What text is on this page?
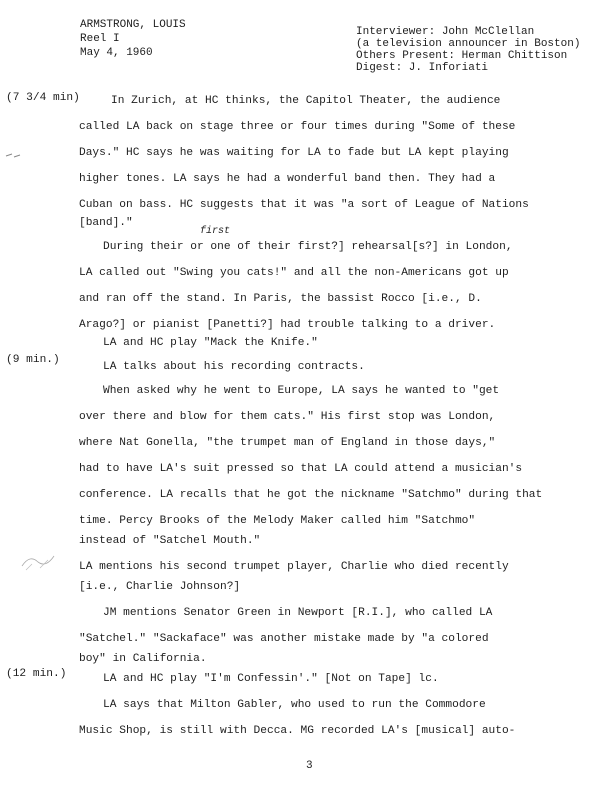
ARMSTRONG, LOUIS
Reel I
May 4, 1960
Interviewer: John McClellan
(a television announcer in Boston)
Others Present: Herman Chittison
Digest: J. Inforiati
(7 3/4 min)
(9 min.)
(12 min.)
first
In Zurich, at HC thinks, the Capitol Theater, the audience
called LA back on stage three or four times during "Some of these
Days." HC says he was waiting for LA to fade but LA kept playing
higher tones. LA says he had a wonderful band then. They had a
Cuban on bass. HC suggests that it was "a sort of League of Nations
[band]."
During their or one of their first?] rehearsal[s?] in London,
LA called out "Swing you cats!" and all the non-Americans got up
and ran off the stand. In Paris, the bassist Rocco [i.e., D.
Arago?] or pianist [Panetti?] had trouble talking to a driver.
LA and HC play "Mack the Knife."
LA talks about his recording contracts.
When asked why he went to Europe, LA says he wanted to "get
over there and blow for them cats." His first stop was London,
where Nat Gonella, "the trumpet man of England in those days,"
had to have LA's suit pressed so that LA could attend a musician's
conference. LA recalls that he got the nickname "Satchmo" during that
time. Percy Brooks of the Melody Maker called him "Satchmo"
instead of "Satchel Mouth."
LA mentions his second trumpet player, Charlie who died recently
[i.e., Charlie Johnson?]
JM mentions Senator Green in Newport [R.I.], who called LA
"Satchel." "Sackaface" was another mistake made by "a colored
boy" in California.
LA and HC play "I'm Confessin'." [Not on Tape] lc.
LA says that Milton Gabler, who used to run the Commodore
Music Shop, is still with Decca. MG recorded LA's [musical] auto-
3
